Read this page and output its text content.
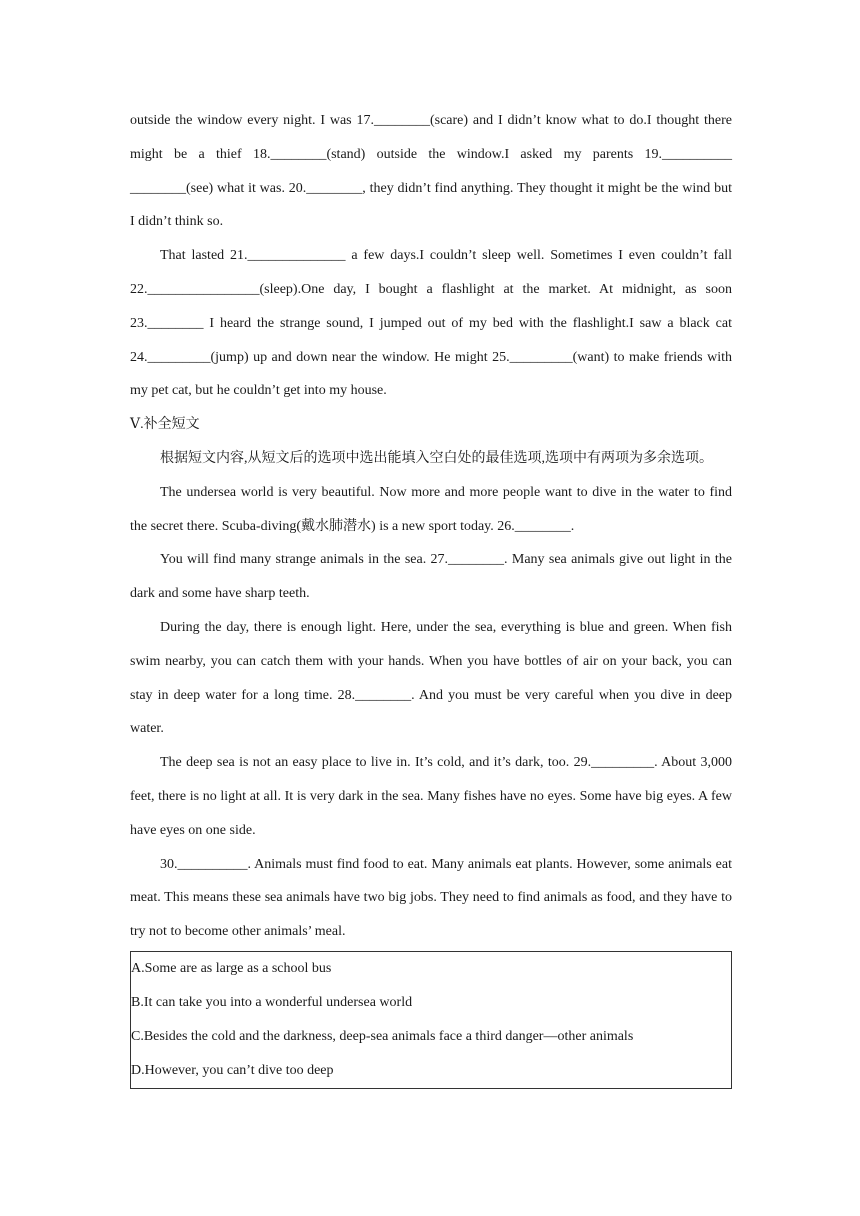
outside the window every night. I was 17.________(scare) and I didn’t know what to do.I thought there might be a thief 18.________(stand) outside the window.I asked my parents 19.__________ ________(see) what it was. 20.________, they didn’t find anything. They thought it might be the wind but I didn’t think so.

That lasted 21.______________ a few days.I couldn’t sleep well. Sometimes I even couldn’t fall 22.________________(sleep).One day, I bought a flashlight at the market. At midnight, as soon 23.________ I heard the strange sound, I jumped out of my bed with the flashlight.I saw a black cat 24._________(jump) up and down near the window. He might 25._________(want) to make friends with my pet cat, but he couldn’t get into my house.

Ⅴ.补全短文

根据短文内容,从短文后的选项中选出能填入空白处的最佳选项,选项中有两项为多余选项。

The undersea world is very beautiful. Now more and more people want to dive in the water to find the secret there. Scuba-diving(戴水肺潜水) is a new sport today. 26.________.

You will find many strange animals in the sea. 27.________. Many sea animals give out light in the dark and some have sharp teeth.

During the day, there is enough light. Here, under the sea, everything is blue and green. When fish swim nearby, you can catch them with your hands. When you have bottles of air on your back, you can stay in deep water for a long time. 28.________. And you must be very careful when you dive in deep water.

The deep sea is not an easy place to live in. It’s cold, and it’s dark, too. 29._________. About 3,000 feet, there is no light at all. It is very dark in the sea. Many fishes have no eyes. Some have big eyes. A few have eyes on one side.

30.__________. Animals must find food to eat. Many animals eat plants. However, some animals eat meat. This means these sea animals have two big jobs. They need to find animals as food, and they have to try not to become other animals’ meal.

A.Some are as large as a school bus

B.It can take you into a wonderful undersea world

C.Besides the cold and the darkness, deep-sea animals face a third danger—other animals

D.However, you can’t dive too deep
